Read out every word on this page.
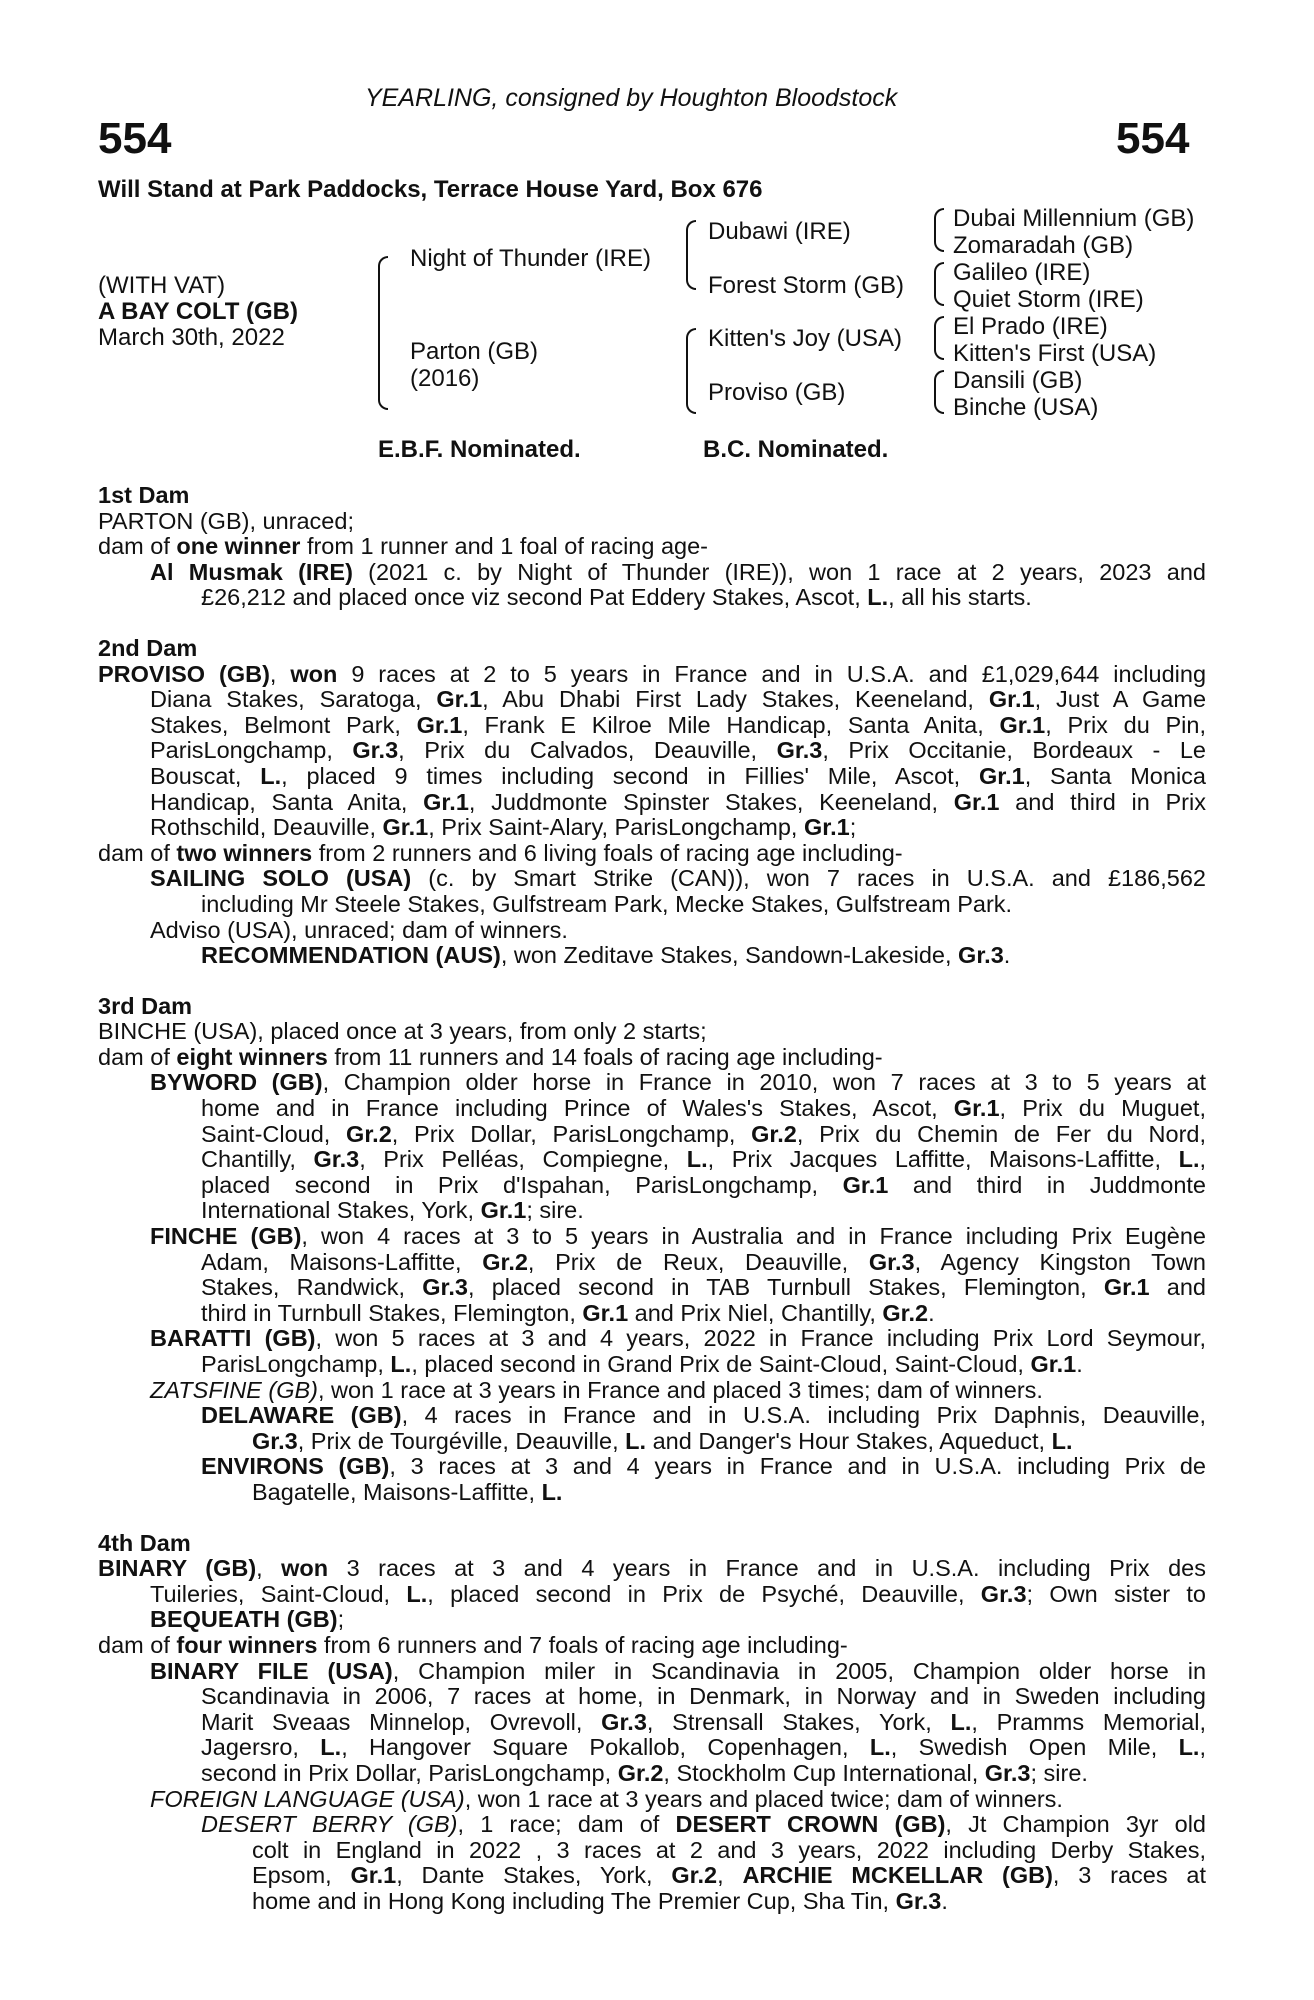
YEARLING, consigned by Houghton Bloodstock
554	554
Will Stand at Park Paddocks, Terrace House Yard, Box 676
(WITH VAT)
A BAY COLT (GB)
March 30th, 2022
Night of Thunder (IRE)
Parton (GB)
(2016)
Dubawi (IRE)
Forest Storm (GB)
Kitten's Joy (USA)
Proviso (GB)
Dubai Millennium (GB)
Zomaradah (GB)
Galileo (IRE)
Quiet Storm (IRE)
El Prado (IRE)
Kitten's First (USA)
Dansili (GB)
Binche (USA)
E.B.F. Nominated.	B.C. Nominated.
1st Dam
PARTON (GB), unraced;
dam of one winner from 1 runner and 1 foal of racing age-
Al Musmak (IRE) (2021 c. by Night of Thunder (IRE)), won 1 race at 2 years, 2023 and
£26,212 and placed once viz second Pat Eddery Stakes, Ascot, L., all his starts.
2nd Dam
PROVISO (GB), won 9 races at 2 to 5 years in France and in U.S.A. and £1,029,644 including
Diana Stakes, Saratoga, Gr.1, Abu Dhabi First Lady Stakes, Keeneland, Gr.1, Just A Game
Stakes, Belmont Park, Gr.1, Frank E Kilroe Mile Handicap, Santa Anita, Gr.1, Prix du Pin,
ParisLongchamp, Gr.3, Prix du Calvados, Deauville, Gr.3, Prix Occitanie, Bordeaux - Le
Bouscat, L., placed 9 times including second in Fillies' Mile, Ascot, Gr.1, Santa Monica
Handicap, Santa Anita, Gr.1, Juddmonte Spinster Stakes, Keeneland, Gr.1 and third in Prix
Rothschild, Deauville, Gr.1, Prix Saint-Alary, ParisLongchamp, Gr.1;
dam of two winners from 2 runners and 6 living foals of racing age including-
SAILING SOLO (USA) (c. by Smart Strike (CAN)), won 7 races in U.S.A. and £186,562
including Mr Steele Stakes, Gulfstream Park, Mecke Stakes, Gulfstream Park.
Adviso (USA), unraced; dam of winners.
RECOMMENDATION (AUS), won Zeditave Stakes, Sandown-Lakeside, Gr.3.
3rd Dam
BINCHE (USA), placed once at 3 years, from only 2 starts;
dam of eight winners from 11 runners and 14 foals of racing age including-
BYWORD (GB), Champion older horse in France in 2010, won 7 races at 3 to 5 years at
home and in France including Prince of Wales's Stakes, Ascot, Gr.1, Prix du Muguet,
Saint-Cloud, Gr.2, Prix Dollar, ParisLongchamp, Gr.2, Prix du Chemin de Fer du Nord,
Chantilly, Gr.3, Prix Pelléas, Compiegne, L., Prix Jacques Laffitte, Maisons-Laffitte, L.,
placed second in Prix d'Ispahan, ParisLongchamp, Gr.1 and third in Juddmonte
International Stakes, York, Gr.1; sire.
FINCHE (GB), won 4 races at 3 to 5 years in Australia and in France including Prix Eugène
Adam, Maisons-Laffitte, Gr.2, Prix de Reux, Deauville, Gr.3, Agency Kingston Town
Stakes, Randwick, Gr.3, placed second in TAB Turnbull Stakes, Flemington, Gr.1 and
third in Turnbull Stakes, Flemington, Gr.1 and Prix Niel, Chantilly, Gr.2.
BARATTI (GB), won 5 races at 3 and 4 years, 2022 in France including Prix Lord Seymour,
ParisLongchamp, L., placed second in Grand Prix de Saint-Cloud, Saint-Cloud, Gr.1.
ZATSFINE (GB), won 1 race at 3 years in France and placed 3 times; dam of winners.
DELAWARE (GB), 4 races in France and in U.S.A. including Prix Daphnis, Deauville,
Gr.3, Prix de Tourgéville, Deauville, L. and Danger's Hour Stakes, Aqueduct, L.
ENVIRONS (GB), 3 races at 3 and 4 years in France and in U.S.A. including Prix de
Bagatelle, Maisons-Laffitte, L.
4th Dam
BINARY (GB), won 3 races at 3 and 4 years in France and in U.S.A. including Prix des
Tuileries, Saint-Cloud, L., placed second in Prix de Psyché, Deauville, Gr.3; Own sister to
BEQUEATH (GB);
dam of four winners from 6 runners and 7 foals of racing age including-
BINARY FILE (USA), Champion miler in Scandinavia in 2005, Champion older horse in
Scandinavia in 2006, 7 races at home, in Denmark, in Norway and in Sweden including
Marit Sveaas Minnelop, Ovrevoll, Gr.3, Strensall Stakes, York, L., Pramms Memorial,
Jagersro, L., Hangover Square Pokallob, Copenhagen, L., Swedish Open Mile, L.,
second in Prix Dollar, ParisLongchamp, Gr.2, Stockholm Cup International, Gr.3; sire.
FOREIGN LANGUAGE (USA), won 1 race at 3 years and placed twice; dam of winners.
DESERT BERRY (GB), 1 race; dam of DESERT CROWN (GB), Jt Champion 3yr old
colt in England in 2022 , 3 races at 2 and 3 years, 2022 including Derby Stakes,
Epsom, Gr.1, Dante Stakes, York, Gr.2, ARCHIE MCKELLAR (GB), 3 races at
home and in Hong Kong including The Premier Cup, Sha Tin, Gr.3.
